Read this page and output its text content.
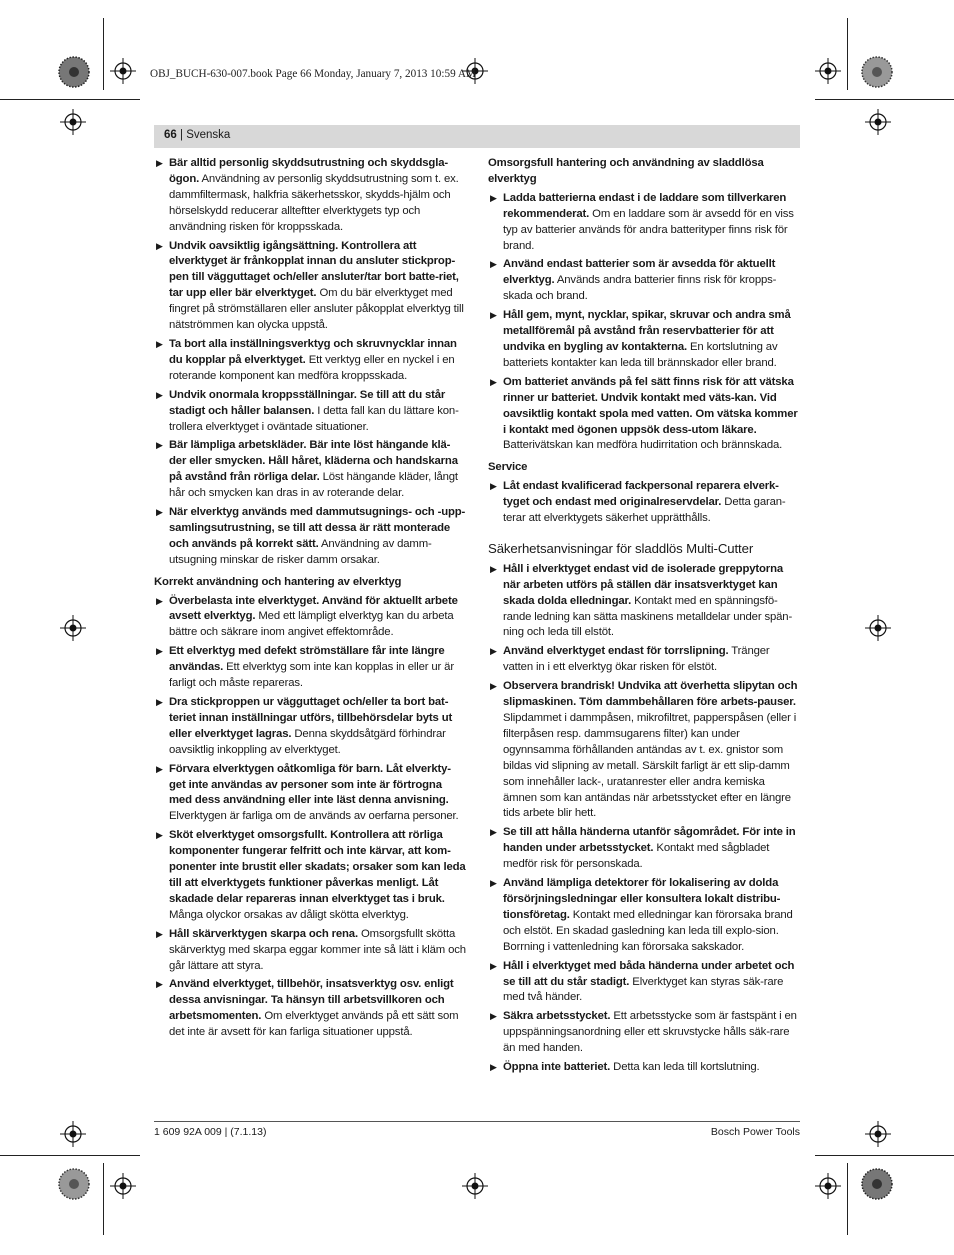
OBJ_BUCH-630-007.book Page 66 Monday, January 7, 2013 10:59 AM
66 | Svenska
▶ Bär alltid personlig skyddsutrustning och skyddsgla-ögon. Användning av personlig skyddsutrustning som t. ex. dammfiltermask, halkfria säkerhetsskor, skydds-hjälm och hörselskydd reducerar allteftter elverktygets typ och användning risken för kroppsskada.
▶ Undvik oavsiktlig igångsättning. Kontrollera att elverktyget är frånkopplat innan du ansluter stickprop-pen till vägguttaget och/eller ansluter/tar bort batte-riet, tar upp eller bär elverktyget. Om du bär elverktyget med fingret på strömställaren eller ansluter påkopplat elverktyg till nätströmmen kan olycka uppstå.
▶ Ta bort alla inställningsverktyg och skruvnycklar innan du kopplar på elverktyget. Ett verktyg eller en nyckel i en roterande komponent kan medföra kroppsskada.
▶ Undvik onormala kroppsställningar. Se till att du står stadigt och håller balansen. I detta fall kan du lättare kon-trollera elverktyget i oväntade situationer.
▶ Bär lämpliga arbetskläder. Bär inte löst hängande klä-der eller smycken. Håll håret, kläderna och handskarna på avstånd från rörliga delar. Löst hängande kläder, långt hår och smycken kan dras in av roterande delar.
▶ När elverktyg används med dammutsugnings- och -upp-samlingsutrustning, se till att dessa är rätt monterade och används på korrekt sätt. Användning av damm-utsugning minskar de risker damm orsakar.
Korrekt användning och hantering av elverktyg
▶ Överbelasta inte elverktyget. Använd för aktuellt arbete avsett elverktyg. Med ett lämpligt elverktyg kan du arbeta bättre och säkrare inom angivet effektområde.
▶ Ett elverktyg med defekt strömställare får inte längre användas. Ett elverktyg som inte kan kopplas in eller ur är farligt och måste repareras.
▶ Dra stickproppen ur vägguttaget och/eller ta bort bat-teriet innan inställningar utförs, tillbehörsdelar byts ut eller elverktyget lagras. Denna skyddsåtgärd förhindrar oavsiktlig inkoppling av elverktyget.
▶ Förvara elverktygen oåtkomliga för barn. Låt elverkty-get inte användas av personer som inte är förtrogna med dess användning eller inte läst denna anvisning. Elverktygen är farliga om de används av oerfarna personer.
▶ Sköt elverktyget omsorgsfullt. Kontrollera att rörliga komponenter fungerar felfritt och inte kärvar, att kom-ponenter inte brustit eller skadats; orsaker som kan leda till att elverktygets funktioner påverkas menligt. Låt skadade delar repareras innan elverktyget tas i bruk. Många olyckor orsakas av dåligt skötta elverktyg.
▶ Håll skärverktygen skarpa och rena. Omsorgsfullt skötta skärverktyg med skarpa eggar kommer inte så lätt i kläm och går lättare att styra.
▶ Använd elverktyget, tillbehör, insatsverktyg osv. enligt dessa anvisningar. Ta hänsyn till arbetsvillkoren och arbetsmomenten. Om elverktyget används på ett sätt som det inte är avsett för kan farliga situationer uppstå.
Omsorgsfull hantering och användning av sladdlösa elverktyg
▶ Ladda batterierna endast i de laddare som tillverkaren rekommenderat. Om en laddare som är avsedd för en viss typ av batterier används för andra batterityper finns risk för brand.
▶ Använd endast batterier som är avsedda för aktuellt elverktyg. Används andra batterier finns risk för kropps-skada och brand.
▶ Håll gem, mynt, nycklar, spikar, skruvar och andra små metallföremål på avstånd från reservbatterier för att undvika en bygling av kontakterna. En kortslutning av batteriets kontakter kan leda till brännskador eller brand.
▶ Om batteriet används på fel sätt finns risk för att vätska rinner ur batteriet. Undvik kontakt med väts-kan. Vid oavsiktlig kontakt spola med vatten. Om vätska kommer i kontakt med ögonen uppsök dess-utom läkare. Batterivätskan kan medföra hudirritation och brännskada.
Service
▶ Låt endast kvalificerad fackpersonal reparera elverk-tyget och endast med originalreservdelar. Detta garan-terar att elverktygets säkerhet upprätthålls.
Säkerhetsanvisningar för sladdlös Multi-Cutter
▶ Håll i elverktyget endast vid de isolerade greppytorna när arbeten utförs på ställen där insatsverktyget kan skada dolda elledningar. Kontakt med en spänningsfö-rande ledning kan sätta maskinens metalldelar under spän-ning och leda till elstöt.
▶ Använd elverktyget endast för torrslipning. Tränger vatten in i ett elverktyg ökar risken för elstöt.
▶ Observera brandrisk! Undvika att överhetta slipytan och slipmaskinen. Töm dammbehållaren före arbets-pauser. Slipdammet i dammpåsen, mikrofiltret, papperspåsen (eller i filterpåsen resp. dammsugarens filter) kan under ogynnsamma förhållanden antändas av t. ex. gnistor som bildas vid slipning av metall. Särskilt farligt är ett slip-damm som innehåller lack-, uratanrester eller andra kemiska ämnen som kan antändas när arbetsstycket efter en längre tids arbete blir hett.
▶ Se till att hålla händerna utanför sågområdet. För inte in handen under arbetsstycket. Kontakt med sågbladet medför risk för personskada.
▶ Använd lämpliga detektorer för lokalisering av dolda försörjningsledningar eller konsultera lokalt distribu-tionsföretag. Kontakt med elledningar kan förorsaka brand och elstöt. En skadad gasledning kan leda till explo-sion. Borrning i vattenledning kan förorsaka sakskador.
▶ Håll i elverktyget med båda händerna under arbetet och se till att du står stadigt. Elverktyget kan styras säk-rare med två händer.
▶ Säkra arbetsstycket. Ett arbetsstycke som är fastspänt i en uppspänningsanordning eller ett skruvstycke hålls säk-rare än med handen.
▶ Öppna inte batteriet. Detta kan leda till kortslutning.
1 609 92A 009 | (7.1.13)	Bosch Power Tools
